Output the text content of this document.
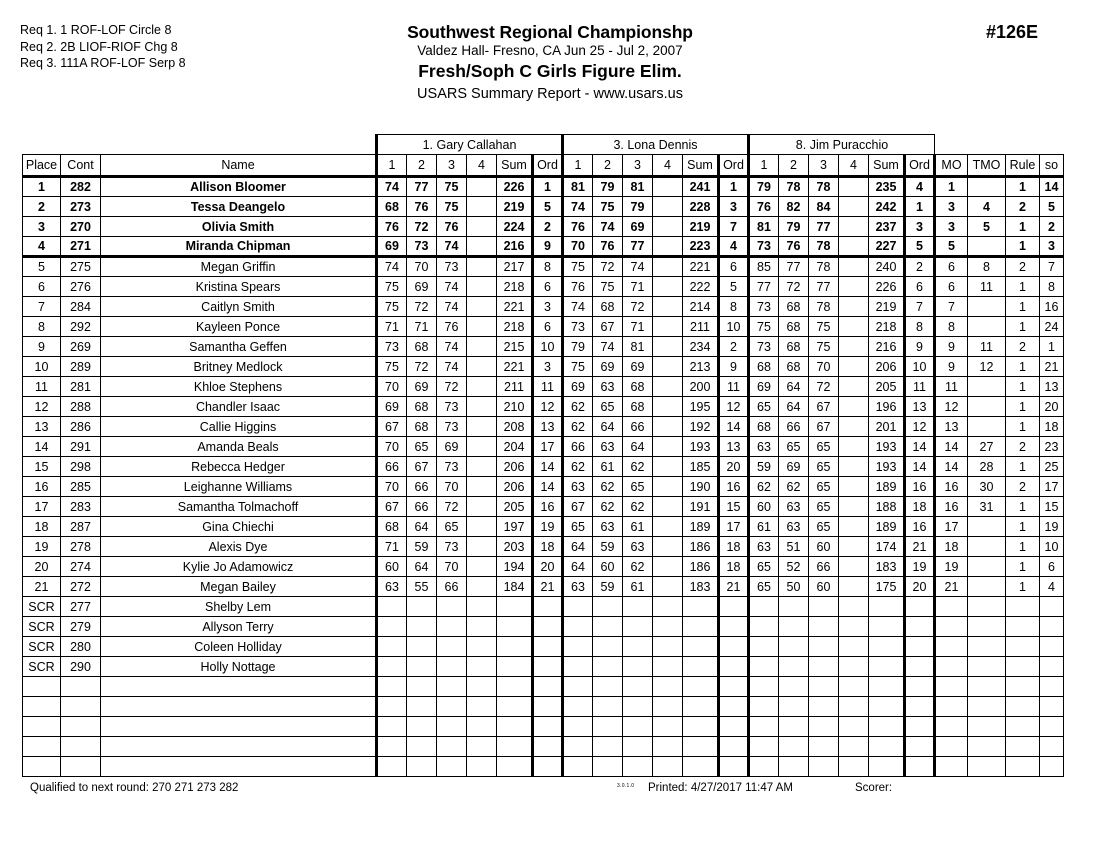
Req 1. 1 ROF-LOF Circle 8
Req 2. 2B LIOF-RIOF Chg 8
Req 3. 111A ROF-LOF Serp 8
Southwest Regional Championshp
Valdez Hall- Fresno, CA Jun 25 - Jul 2, 2007
Fresh/Soph C Girls Figure Elim.
USARS Summary Report - www.usars.us
#126E
			1. Gary Callahan						3. Lona Dennis						8. Jim Puracchio									
Place	Cont	Name	1	2	3	4	Sum	Ord	1	2	3	4	Sum	Ord	1	2	3	4	Sum	Ord	MO	TMO	Rule	so
1	282	Allison Bloomer	74	77	75		226	1	81	79	81		241	1	79	78	78		235	4	1		1	14
2	273	Tessa Deangelo	68	76	75		219	5	74	75	79		228	3	76	82	84		242	1	3	4	2	5
3	270	Olivia Smith	76	72	76		224	2	76	74	69		219	7	81	79	77		237	3	3	5	1	2
4	271	Miranda Chipman	69	73	74		216	9	70	76	77		223	4	73	76	78		227	5	5		1	3
5	275	Megan Griffin	74	70	73		217	8	75	72	74		221	6	85	77	78		240	2	6	8	2	7
6	276	Kristina Spears	75	69	74		218	6	76	75	71		222	5	77	72	77		226	6	6	11	1	8
7	284	Caitlyn Smith	75	72	74		221	3	74	68	72		214	8	73	68	78		219	7	7		1	16
8	292	Kayleen Ponce	71	71	76		218	6	73	67	71		211	10	75	68	75		218	8	8		1	24
9	269	Samantha Geffen	73	68	74		215	10	79	74	81		234	2	73	68	75		216	9	9	11	2	1
10	289	Britney Medlock	75	72	74		221	3	75	69	69		213	9	68	68	70		206	10	9	12	1	21
11	281	Khloe Stephens	70	69	72		211	11	69	63	68		200	11	69	64	72		205	11	11		1	13
12	288	Chandler Isaac	69	68	73		210	12	62	65	68		195	12	65	64	67		196	13	12		1	20
13	286	Callie Higgins	67	68	73		208	13	62	64	66		192	14	68	66	67		201	12	13		1	18
14	291	Amanda Beals	70	65	69		204	17	66	63	64		193	13	63	65	65		193	14	14	27	2	23
15	298	Rebecca Hedger	66	67	73		206	14	62	61	62		185	20	59	69	65		193	14	14	28	1	25
16	285	Leighanne Williams	70	66	70		206	14	63	62	65		190	16	62	62	65		189	16	16	30	2	17
17	283	Samantha Tolmachoff	67	66	72		205	16	67	62	62		191	15	60	63	65		188	18	16	31	1	15
18	287	Gina Chiechi	68	64	65		197	19	65	63	61		189	17	61	63	65		189	16	17		1	19
19	278	Alexis Dye	71	59	73		203	18	64	59	63		186	18	63	51	60		174	21	18		1	10
20	274	Kylie Jo Adamowicz	60	64	70		194	20	64	60	62		186	18	65	52	66		183	19	19		1	6
21	272	Megan Bailey	63	55	66		184	21	63	59	61		183	21	65	50	60		175	20	21		1	4
SCR	277	Shelby Lem																						
SCR	279	Allyson Terry																						
SCR	280	Coleen Holliday																						
SCR	290	Holly Nottage																						

Qualified to next round: 270 271 273 282	3.0.1.0 Printed: 4/27/2017 11:47 AM	Scorer:
